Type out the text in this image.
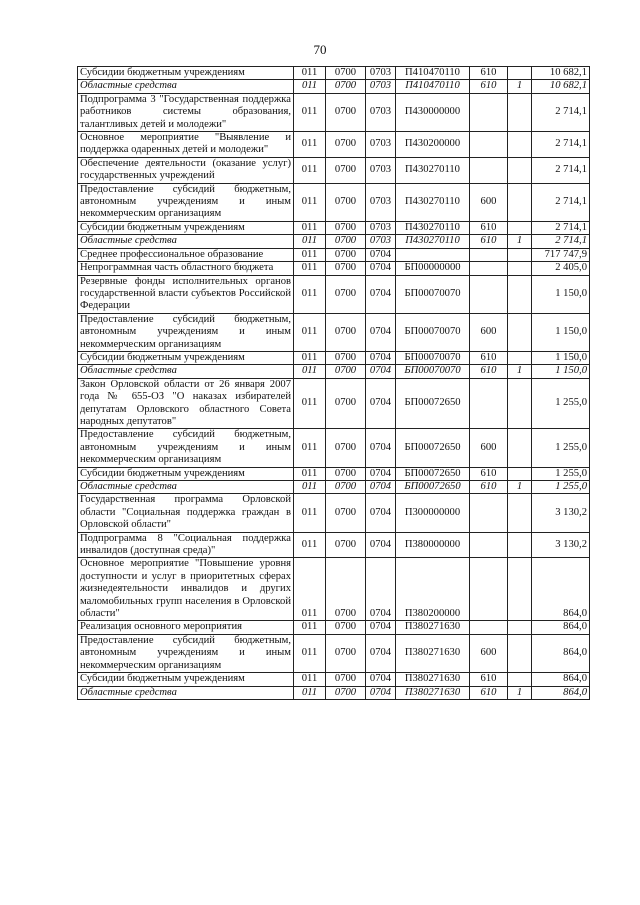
70
Субсидии бюджетным учреждениям	011	0700	0703	П410470110	610		10 682,1
Областные средства	011	0700	0703	П410470110	610	1	10 682,1
Подпрограмма 3 "Государственная поддержка работников системы образования, талантливых детей и молодежи"	011	0700	0703	П430000000			2 714,1
Основное мероприятие "Выявление и поддержка одаренных детей и молодежи"	011	0700	0703	П430200000			2 714,1
Обеспечение деятельности (оказание услуг) государственных учреждений	011	0700	0703	П430270110			2 714,1
Предоставление субсидий бюджетным, автономным учреждениям и иным некоммерческим организациям	011	0700	0703	П430270110	600		2 714,1
Субсидии бюджетным учреждениям	011	0700	0703	П430270110	610		2 714,1
Областные средства	011	0700	0703	П430270110	610	1	2 714,1
Среднее профессиональное образование	011	0700	0704				717 747,9
Непрограммная часть областного бюджета	011	0700	0704	БП00000000			2 405,0
Резервные фонды исполнительных органов государственной власти субъектов Российской Федерации	011	0700	0704	БП00070070			1 150,0
Предоставление субсидий бюджетным, автономным учреждениям и иным некоммерческим организациям	011	0700	0704	БП00070070	600		1 150,0
Субсидии бюджетным учреждениям	011	0700	0704	БП00070070	610		1 150,0
Областные средства	011	0700	0704	БП00070070	610	1	1 150,0
Закон Орловской области от 26 января 2007 года № 655-ОЗ "О наказах избирателей депутатам Орловского областного Совета народных депутатов"	011	0700	0704	БП00072650			1 255,0
Предоставление субсидий бюджетным, автономным учреждениям и иным некоммерческим организациям	011	0700	0704	БП00072650	600		1 255,0
Субсидии бюджетным учреждениям	011	0700	0704	БП00072650	610		1 255,0
Областные средства	011	0700	0704	БП00072650	610	1	1 255,0
Государственная программа Орловской области "Социальная поддержка граждан в Орловской области"	011	0700	0704	П300000000			3 130,2
Подпрограмма 8 "Социальная поддержка инвалидов (доступная среда)"	011	0700	0704	П380000000			3 130,2
Основное мероприятие "Повышение уровня доступности и услуг в приоритетных сферах жизнедеятельности инвалидов и других маломобильных групп населения в Орловской области"	011	0700	0704	П380200000			864,0
Реализация основного мероприятия	011	0700	0704	П380271630			864,0
Предоставление субсидий бюджетным, автономным учреждениям и иным некоммерческим организациям	011	0700	0704	П380271630	600		864,0
Субсидии бюджетным учреждениям	011	0700	0704	П380271630	610		864,0
Областные средства	011	0700	0704	П380271630	610	1	864,0
